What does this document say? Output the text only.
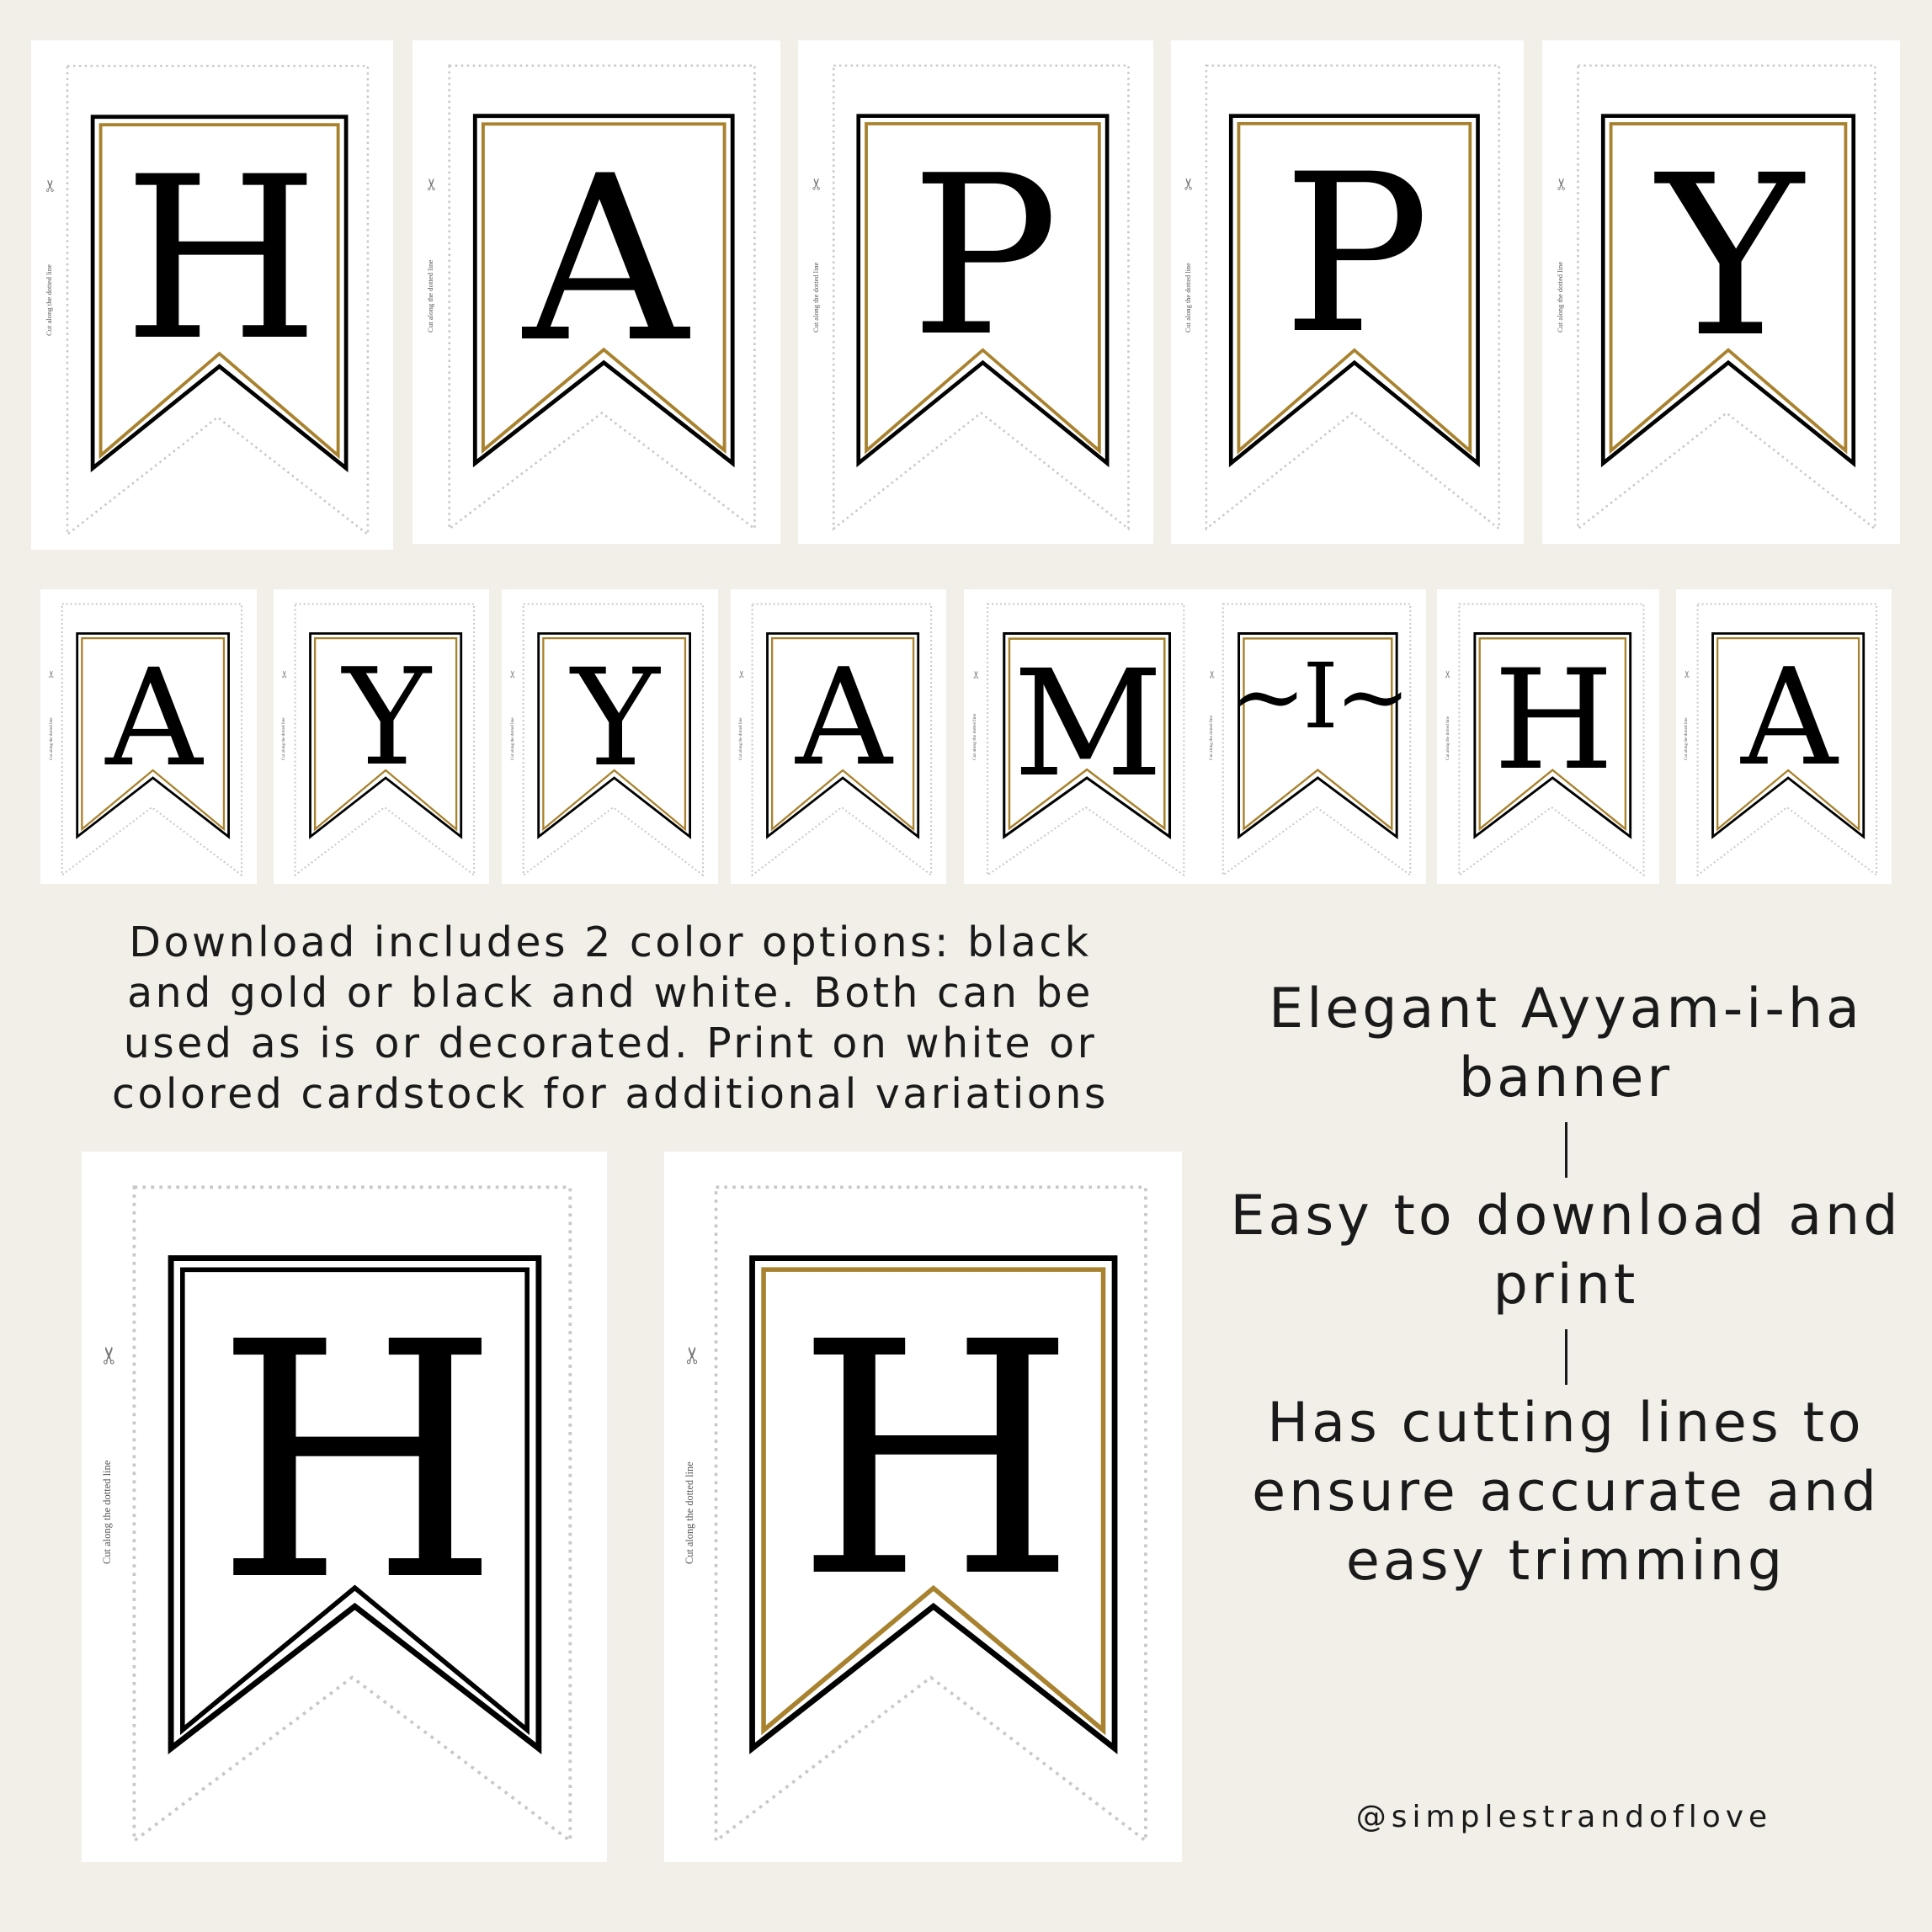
✂
Cut along the dotted line H	✂
Cut along the dotted line A	✂
Cut along the dotted line P	✂
Cut along the dotted line P	✂
Cut along the dotted line Y
✂
Cut along the dotted line A	✂
Cut along the dotted line Y	✂
Cut along the dotted line Y	✂
Cut along the dotted line A	✂
Cut along the dotted line M	✂
Cut along the dotted line ~I~	✂
Cut along the dotted line H	✂
Cut along the dotted line A
✂
Cut along the dotted line H	✂
Cut along the dotted line H
Download includes 2 color options: black and gold or black and white. Both can be used as is or decorated. Print on white or colored cardstock for additional variations
Elegant Ayyam-i-ha banner
Easy to download and print
Has cutting lines to ensure accurate and easy trimming
@simplestrandoflove
